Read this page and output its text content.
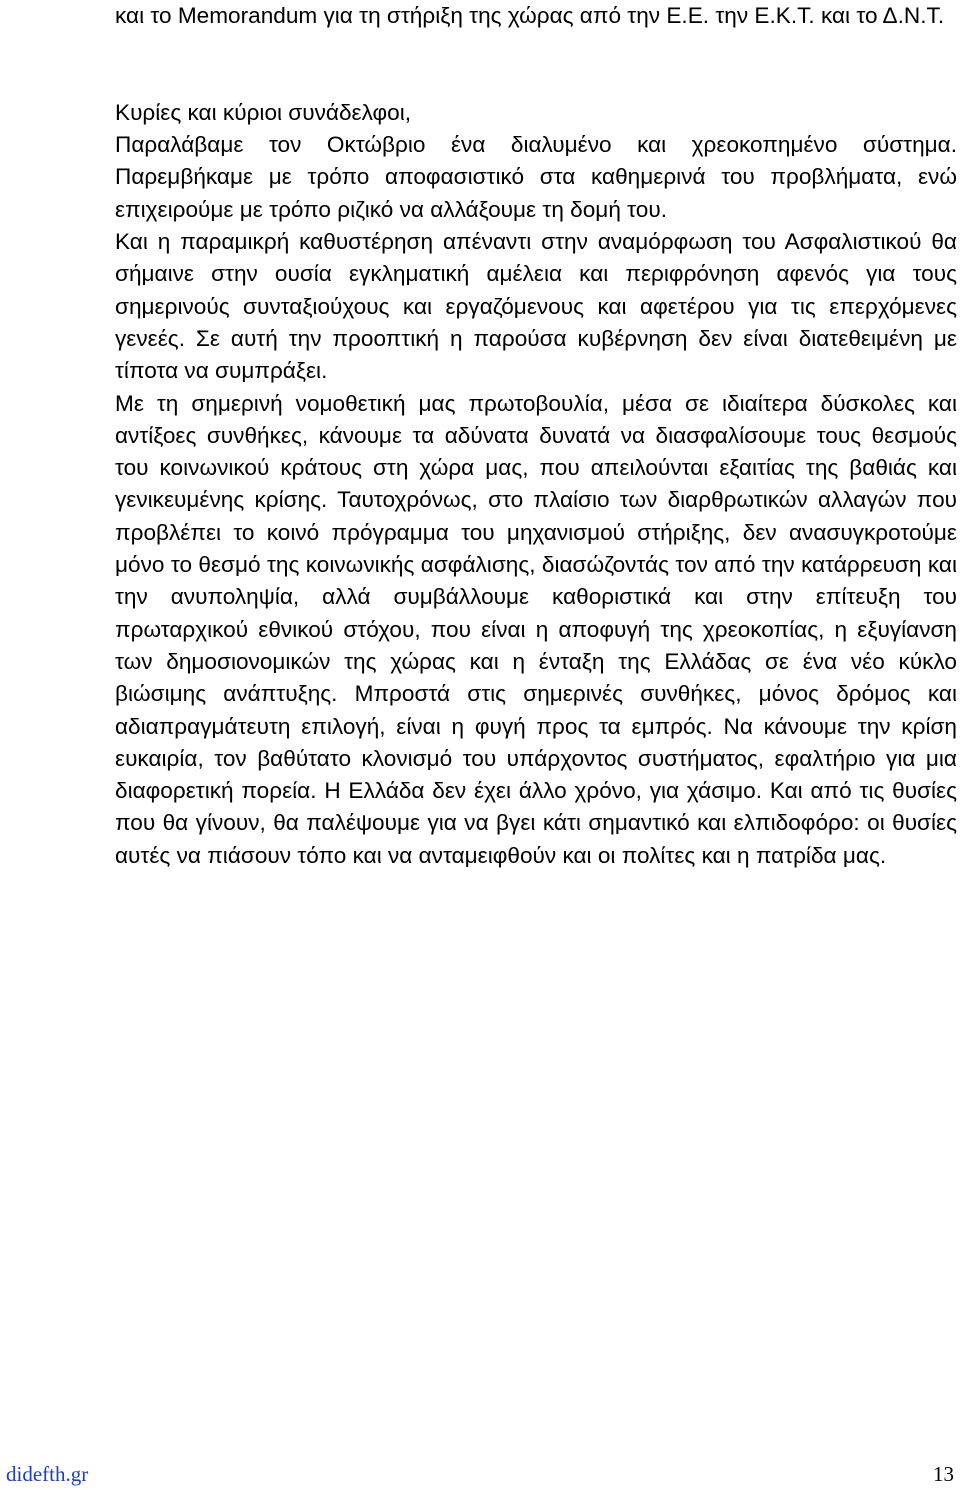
και το Memorandum για τη στήριξη της χώρας από την Ε.Ε. την Ε.Κ.Τ. και το Δ.Ν.Τ.

Κυρίες και κύριοι συνάδελφοι,

Παραλάβαμε τον Οκτώβριο ένα διαλυμένο και χρεοκοπημένο σύστημα. Παρεμβήκαμε με τρόπο αποφασιστικό στα καθημερινά του προβλήματα, ενώ επιχειρούμε με τρόπο ριζικό να αλλάξουμε τη δομή του.

Και η παραμικρή καθυστέρηση απέναντι στην αναμόρφωση του Ασφαλιστικού θα σήμαινε στην ουσία εγκληματική αμέλεια και περιφρόνηση αφενός για τους σημερινούς συνταξιούχους και εργαζόμενους και αφετέρου για τις επερχόμενες γενεές. Σε αυτή την προοπτική η παρούσα κυβέρνηση δεν είναι διατεθειμένη με τίποτα να συμπράξει.

Με τη σημερινή νομοθετική μας πρωτοβουλία, μέσα σε ιδιαίτερα δύσκολες και αντίξοες συνθήκες, κάνουμε τα αδύνατα δυνατά να διασφαλίσουμε τους θεσμούς του κοινωνικού κράτους στη χώρα μας, που απειλούνται εξαιτίας της βαθιάς και γενικευμένης κρίσης. Ταυτοχρόνως, στο πλαίσιο των διαρθρωτικών αλλαγών που προβλέπει το κοινό πρόγραμμα του μηχανισμού στήριξης, δεν ανασυγκροτούμε μόνο το θεσμό της κοινωνικής ασφάλισης, διασώζοντάς τον από την κατάρρευση και την ανυποληψία, αλλά συμβάλλουμε καθοριστικά και στην επίτευξη του πρωταρχικού εθνικού στόχου, που είναι η αποφυγή της χρεοκοπίας, η εξυγίανση των δημοσιονομικών της χώρας και η ένταξη της Ελλάδας σε ένα νέο κύκλο βιώσιμης ανάπτυξης. Μπροστά στις σημερινές συνθήκες, μόνος δρόμος και αδιαπραγμάτευτη επιλογή, είναι η φυγή προς τα εμπρός. Να κάνουμε την κρίση ευκαιρία, τον βαθύτατο κλονισμό του υπάρχοντος συστήματος, εφαλτήριο για μια διαφορετική πορεία. Η Ελλάδα δεν έχει άλλο χρόνο, για χάσιμο. Και από τις θυσίες που θα γίνουν, θα παλέψουμε για να βγει κάτι σημαντικό και ελπιδοφόρο: οι θυσίες αυτές να πιάσουν τόπο και να ανταμειφθούν και οι πολίτες και η πατρίδα μας.

didefth.gr	13
